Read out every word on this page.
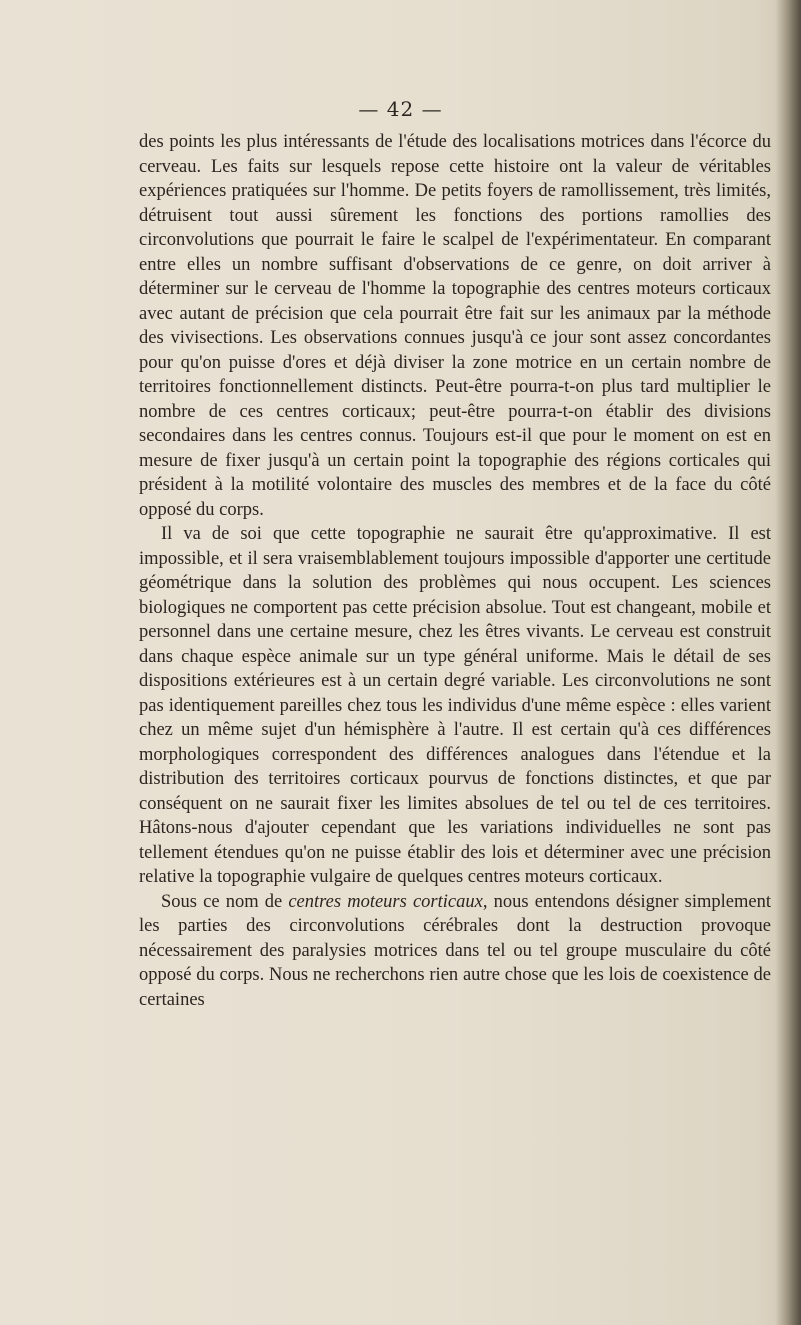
— 42 —

des points les plus intéressants de l'étude des localisations motrices dans l'écorce du cerveau. Les faits sur lesquels repose cette histoire ont la valeur de véritables expériences pratiquées sur l'homme. De petits foyers de ramollissement, très limités, détruisent tout aussi sûrement les fonctions des portions ramollies des circonvolutions que pourrait le faire le scalpel de l'expérimentateur. En comparant entre elles un nombre suffisant d'observations de ce genre, on doit arriver à déterminer sur le cerveau de l'homme la topographie des centres moteurs corticaux avec autant de précision que cela pourrait être fait sur les animaux par la méthode des vivisections. Les observations connues jusqu'à ce jour sont assez concordantes pour qu'on puisse d'ores et déjà diviser la zone motrice en un certain nombre de territoires fonctionnellement distincts. Peut-être pourra-t-on plus tard multiplier le nombre de ces centres corticaux; peut-être pourra-t-on établir des divisions secondaires dans les centres connus. Toujours est-il que pour le moment on est en mesure de fixer jusqu'à un certain point la topographie des régions corticales qui président à la motilité volontaire des muscles des membres et de la face du côté opposé du corps.

Il va de soi que cette topographie ne saurait être qu'approximative. Il est impossible, et il sera vraisemblablement toujours impossible d'apporter une certitude géométrique dans la solution des problèmes qui nous occupent. Les sciences biologiques ne comportent pas cette précision absolue. Tout est changeant, mobile et personnel dans une certaine mesure, chez les êtres vivants. Le cerveau est construit dans chaque espèce animale sur un type général uniforme. Mais le détail de ses dispositions extérieures est à un certain degré variable. Les circonvolutions ne sont pas identiquement pareilles chez tous les individus d'une même espèce : elles varient chez un même sujet d'un hémisphère à l'autre. Il est certain qu'à ces différences morphologiques correspondent des différences analogues dans l'étendue et la distribution des territoires corticaux pourvus de fonctions distinctes, et que par conséquent on ne saurait fixer les limites absolues de tel ou tel de ces territoires. Hâtons-nous d'ajouter cependant que les variations individuelles ne sont pas tellement étendues qu'on ne puisse établir des lois et déterminer avec une précision relative la topographie vulgaire de quelques centres moteurs corticaux.

Sous ce nom de centres moteurs corticaux, nous entendons désigner simplement les parties des circonvolutions cérébrales dont la destruction provoque nécessairement des paralysies motrices dans tel ou tel groupe musculaire du côté opposé du corps. Nous ne recherchons rien autre chose que les lois de coexistence de certaines
